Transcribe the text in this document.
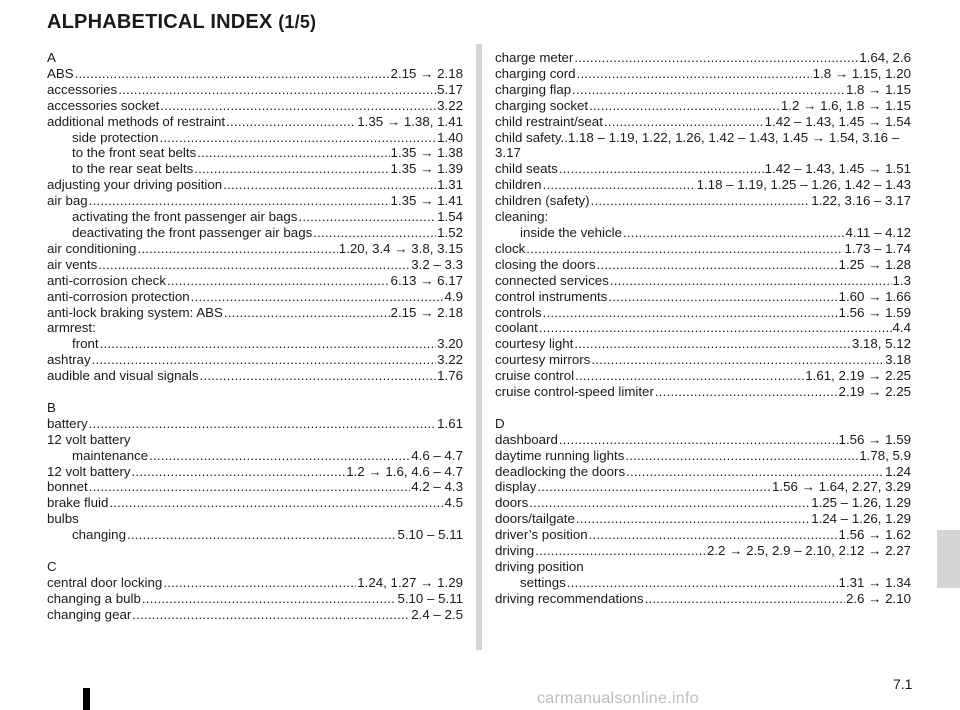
ALPHABETICAL INDEX (1/5)
A
ABS .....	2.15 → 2.18
accessories .....	5.17
accessories socket .....	3.22
additional methods of restraint .....	1.35 → 1.38, 1.41
side protection .....	1.40
to the front seat belts .....	1.35 → 1.38
to the rear seat belts .....	1.35 → 1.39
adjusting your driving position .....	1.31
air bag .....	1.35 → 1.41
activating the front passenger air bags .....	1.54
deactivating the front passenger air bags .....	1.52
air conditioning .....	1.20, 3.4 → 3.8, 3.15
air vents .....	3.2 – 3.3
anti-corrosion check .....	6.13 → 6.17
anti-corrosion protection .....	4.9
anti-lock braking system: ABS .....	2.15 → 2.18
armrest:
front .....	3.20
ashtray .....	3.22
audible and visual signals .....	1.76
B
battery .....	1.61
12 volt battery
maintenance .....	4.6 – 4.7
12 volt battery .....	1.2 → 1.6, 4.6 – 4.7
bonnet .....	4.2 – 4.3
brake fluid .....	4.5
bulbs
changing .....	5.10 – 5.11
C
central door locking .....	1.24, 1.27 → 1.29
changing a bulb .....	5.10 – 5.11
changing gear .....	2.4 – 2.5
charge meter .....	1.64, 2.6
charging cord .....	1.8 → 1.15, 1.20
charging flap .....	1.8 → 1.15
charging socket .....	1.2 → 1.6, 1.8 → 1.15
child restraint/seat .....	1.42 – 1.43, 1.45 → 1.54
child safety..1.18 – 1.19, 1.22, 1.26, 1.42 – 1.43, 1.45 → 1.54, 3.16 – 3.17
child seats .....	1.42 – 1.43, 1.45 → 1.51
children .....	1.18 – 1.19, 1.25 – 1.26, 1.42 – 1.43
children (safety) .....	1.22, 3.16 – 3.17
cleaning:
inside the vehicle .....	4.11 – 4.12
clock .....	1.73 – 1.74
closing the doors .....	1.25 → 1.28
connected services .....	1.3
control instruments .....	1.60 → 1.66
controls .....	1.56 → 1.59
coolant .....	4.4
courtesy light .....	3.18, 5.12
courtesy mirrors .....	3.18
cruise control .....	1.61, 2.19 → 2.25
cruise control-speed limiter .....	2.19 → 2.25
D
dashboard .....	1.56 → 1.59
daytime running lights .....	1.78, 5.9
deadlocking the doors .....	1.24
display .....	1.56 → 1.64, 2.27, 3.29
doors .....	1.25 – 1.26, 1.29
doors/tailgate .....	1.24 – 1.26, 1.29
driver’s position .....	1.56 → 1.62
driving .....	2.2 → 2.5, 2.9 – 2.10, 2.12 → 2.27
driving position
settings .....	1.31 → 1.34
driving recommendations .....	2.6 → 2.10
7.1
carmanualsonline.info
